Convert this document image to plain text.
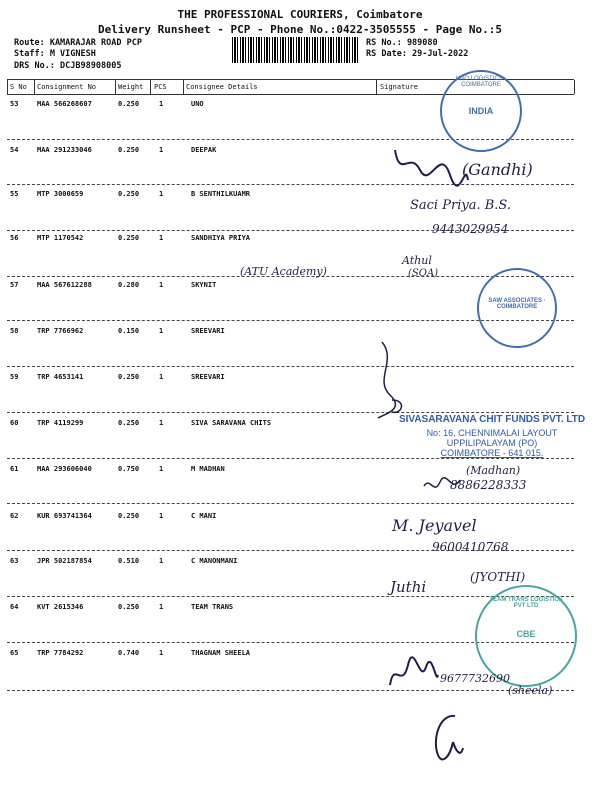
THE PROFESSIONAL COURIERS, Coimbatore
Delivery Runsheet - PCP - Phone No.:0422-3505555 - Page No.:5
Route: KAMARAJAR ROAD PCP
Staff: M VIGNESH
DRS No.: DCJB98908005
RS No.: 989080
RS Date: 29-Jul-2022
S No Consignment No	Weight PCS	Consignee Details	Signature
53	MAA 566268607	0.250	1	UNO
54	MAA 291233046	0.250	1	DEEPAK
55	MTP 3000659	0.250	1	B SENTHILKUAMR
56	MTP 1170542	0.250	1	SANDHIYA PRIYA
57	MAA 567612288	0.280	1	SKYNIT
58	TRP 7766962	0.150	1	SREEVARI
59	TRP 4653141	0.250	1	SREEVARI
60	TRP 4119299	0.250	1	SIVA SARAVANA CHITS
61	MAA 293606040	0.750	1	M MADHAN
62	KUR 693741364	0.250	1	C MANI
63	JPR 502187854	0.510	1	C MANONMANI
64	KVT 2615346	0.250	1	TEAM TRANS
65	TRP 7784292	0.740	1	THAGNAM SHEELA
UNO LOGISTICS · COIMBATORE
INDIA
SAW ASSOCIATES · COIMBATORE
TEAM TRANS LOGISTICS PVT LTD
CBE
SIVASARAVANA CHIT FUNDS PVT. LTD
No: 16, CHENNIMALAI LAYOUT
UPPILIPALAYAM (PO)
COIMBATORE - 641 015.
(Gandhi)
Saci Priya. B.S.
9443029954
(ATU Academy)
Athul
(SOA)
(Madhan)
8886228333
M. Jeyavel
9600410768
Juthi
(JYOTHI)
9677732690
(sheela)
